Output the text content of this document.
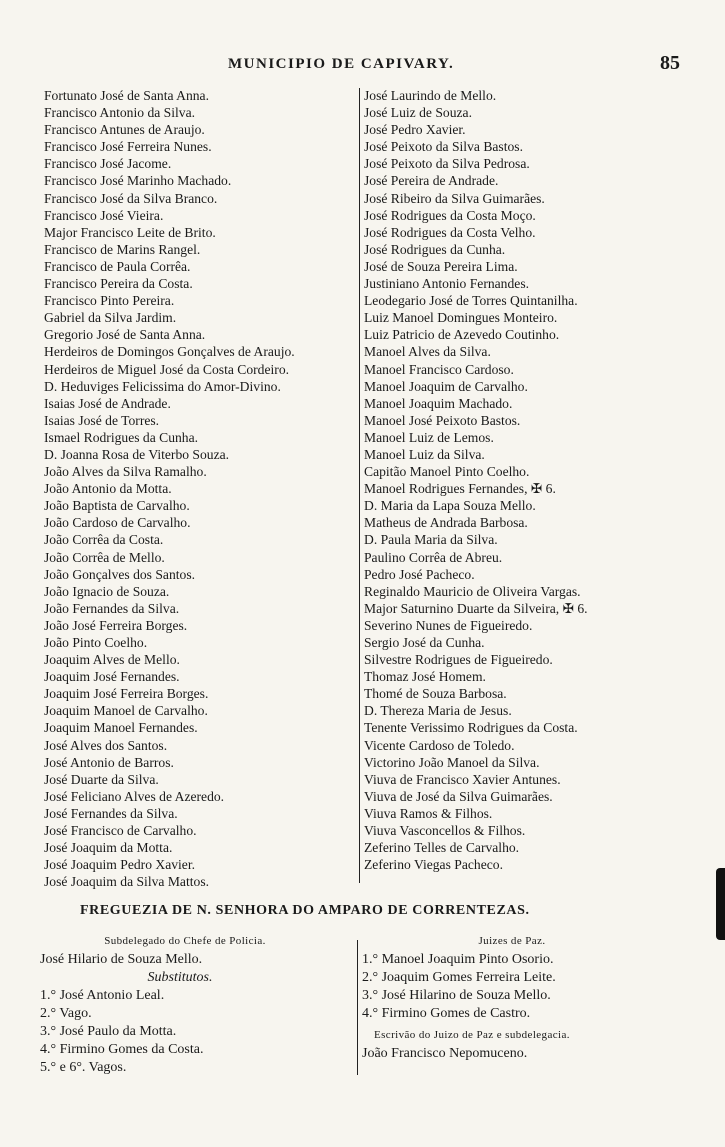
MUNICIPIO DE CAPIVARY.	85
Fortunato José de Santa Anna.
Francisco Antonio da Silva.
Francisco Antunes de Araujo.
Francisco José Ferreira Nunes.
Francisco José Jacome.
Francisco José Marinho Machado.
Francisco José da Silva Branco.
Francisco José Vieira.
Major Francisco Leite de Brito.
Francisco de Marins Rangel.
Francisco de Paula Corrêa.
Francisco Pereira da Costa.
Francisco Pinto Pereira.
Gabriel da Silva Jardim.
Gregorio José de Santa Anna.
Herdeiros de Domingos Gonçalves de Araujo.
Herdeiros de Miguel José da Costa Cordeiro.
D. Heduviges Felicissima do Amor-Divino.
Isaias José de Andrade.
Isaias José de Torres.
Ismael Rodrigues da Cunha.
D. Joanna Rosa de Viterbo Souza.
João Alves da Silva Ramalho.
João Antonio da Motta.
João Baptista de Carvalho.
João Cardoso de Carvalho.
João Corrêa da Costa.
João Corrêa de Mello.
João Gonçalves dos Santos.
João Ignacio de Souza.
João Fernandes da Silva.
João José Ferreira Borges.
João Pinto Coelho.
Joaquim Alves de Mello.
Joaquim José Fernandes.
Joaquim José Ferreira Borges.
Joaquim Manoel de Carvalho.
Joaquim Manoel Fernandes.
José Alves dos Santos.
José Antonio de Barros.
José Duarte da Silva.
José Feliciano Alves de Azeredo.
José Fernandes da Silva.
José Francisco de Carvalho.
José Joaquim da Motta.
José Joaquim Pedro Xavier.
José Joaquim da Silva Mattos.
José Laurindo de Mello.
José Luiz de Souza.
José Pedro Xavier.
José Peixoto da Silva Bastos.
José Peixoto da Silva Pedrosa.
José Pereira de Andrade.
José Ribeiro da Silva Guimarães.
José Rodrigues da Costa Moço.
José Rodrigues da Costa Velho.
José Rodrigues da Cunha.
José de Souza Pereira Lima.
Justiniano Antonio Fernandes.
Leodegario José de Torres Quintanilha.
Luiz Manoel Domingues Monteiro.
Luiz Patricio de Azevedo Coutinho.
Manoel Alves da Silva.
Manoel Francisco Cardoso.
Manoel Joaquim de Carvalho.
Manoel Joaquim Machado.
Manoel José Peixoto Bastos.
Manoel Luiz de Lemos.
Manoel Luiz da Silva.
Capitão Manoel Pinto Coelho.
Manoel Rodrigues Fernandes, ✠ 6.
D. Maria da Lapa Souza Mello.
Matheus de Andrada Barbosa.
D. Paula Maria da Silva.
Paulino Corrêa de Abreu.
Pedro José Pacheco.
Reginaldo Mauricio de Oliveira Vargas.
Major Saturnino Duarte da Silveira, ✠ 6.
Severino Nunes de Figueiredo.
Sergio José da Cunha.
Silvestre Rodrigues de Figueiredo.
Thomaz José Homem.
Thomé de Souza Barbosa.
D. Thereza Maria de Jesus.
Tenente Verissimo Rodrigues da Costa.
Vicente Cardoso de Toledo.
Victorino João Manoel da Silva.
Viuva de Francisco Xavier Antunes.
Viuva de José da Silva Guimarães.
Viuva Ramos & Filhos.
Viuva Vasconcellos & Filhos.
Zeferino Telles de Carvalho.
Zeferino Viegas Pacheco.
FREGUEZIA DE N. SENHORA DO AMPARO DE CORRENTEZAS.
Subdelegado do Chefe de Policia.
José Hilario de Souza Mello.
Substitutos.
1.° José Antonio Leal.
2.° Vago.
3.° José Paulo da Motta.
4.° Firmino Gomes da Costa.
5.° e 6°. Vagos.
Juizes de Paz.
1.° Manoel Joaquim Pinto Osorio.
2.° Joaquim Gomes Ferreira Leite.
3.° José Hilarino de Souza Mello.
4.° Firmino Gomes de Castro.
Escrivão do Juizo de Paz e subdelegacia.
João Francisco Nepomuceno.
